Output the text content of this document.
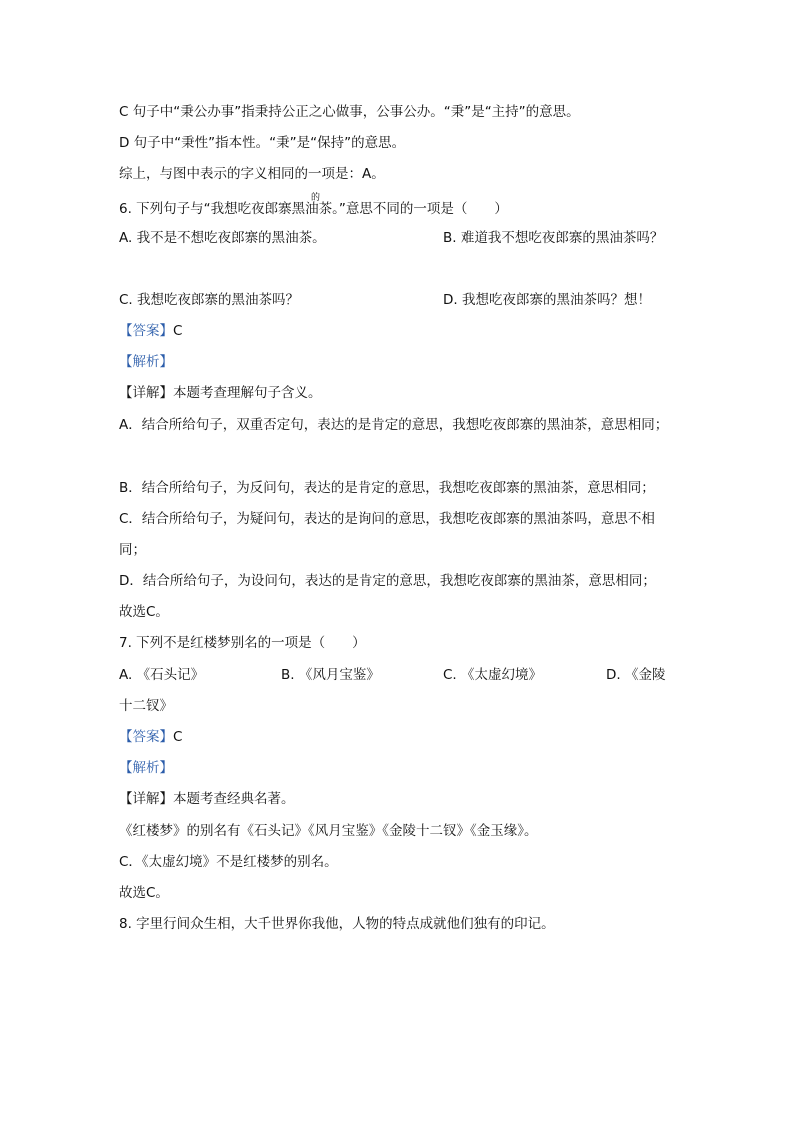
C 句子中“秉公办事”指秉持公正之心做事，公事公办。“秉”是“主持”的意思。
D 句子中“秉性”指本性。“秉”是“保持”的意思。
综上，与图中表示的字义相同的一项是：A。
6. 下列句子与“我想吃夜郎寨黑油茶。”意思不同的一项是（　　）
的
A. 我不是不想吃夜郎寨的黑油茶。	B. 难道我不想吃夜郎寨的黑油茶吗？
C. 我想吃夜郎寨的黑油茶吗？	D. 我想吃夜郎寨的黑油茶吗？想！
【答案】C
【解析】
【详解】本题考查理解句子含义。
A．结合所给句子，双重否定句，表达的是肯定的意思，我想吃夜郎寨的黑油茶，意思相同；
B．结合所给句子，为反问句，表达的是肯定的意思，我想吃夜郎寨的黑油茶，意思相同；
C．结合所给句子，为疑问句，表达的是询问的意思，我想吃夜郎寨的黑油茶吗，意思不相
同；
D．结合所给句子，为设问句，表达的是肯定的意思，我想吃夜郎寨的黑油茶，意思相同；
故选C。
7. 下列不是红楼梦别名的一项是（　　）
A. 《石头记》	B. 《风月宝鉴》	C. 《太虚幻境》	D. 《金陵
十二钗》
【答案】C
【解析】
【详解】本题考查经典名著。
《红楼梦》的别名有《石头记》《风月宝鉴》《金陵十二钗》《金玉缘》。
C．《太虚幻境》不是红楼梦的别名。
故选C。
8. 字里行间众生相，大千世界你我他，人物的特点成就他们独有的印记。
